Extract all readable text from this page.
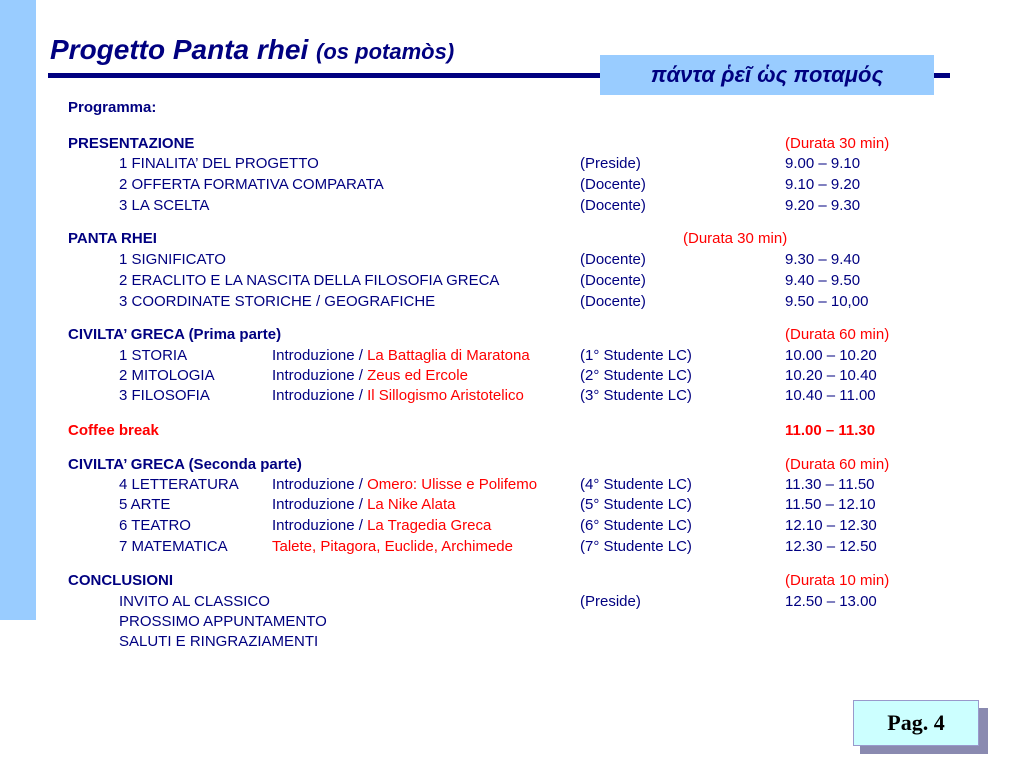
Progetto Panta rhei (os potamòs)
πάντα ῥεῖ ὡς ποταμός
Programma:
PRESENTAZIONE	(Durata 30 min)
1 FINALITA’ DEL PROGETTO	(Preside)	9.00 – 9.10
2 OFFERTA FORMATIVA COMPARATA	(Docente)	9.10 – 9.20
3 LA SCELTA	(Docente)	9.20 – 9.30
PANTA RHEI	(Durata 30 min)
1 SIGNIFICATO	(Docente)	9.30 – 9.40
2 ERACLITO E LA NASCITA DELLA FILOSOFIA GRECA	(Docente)	9.40 – 9.50
3 COORDINATE STORICHE / GEOGRAFICHE	(Docente)	9.50 – 10,00
CIVILTA’ GRECA (Prima parte)	(Durata 60 min)
1 STORIA	Introduzione / La Battaglia di Maratona	(1° Studente LC)	10.00 – 10.20
2 MITOLOGIA	Introduzione / Zeus ed Ercole	(2° Studente LC)	10.20 – 10.40
3 FILOSOFIA	Introduzione / Il Sillogismo Aristotelico	(3° Studente LC)	10.40 – 11.00
Coffee break	11.00 – 11.30
CIVILTA’ GRECA (Seconda parte)	(Durata 60 min)
4 LETTERATURA Introduzione / Omero: Ulisse e Polifemo	(4° Studente LC)	11.30 – 11.50
5 ARTE	Introduzione / La Nike Alata	(5° Studente LC)	11.50 – 12.10
6 TEATRO	Introduzione / La Tragedia Greca	(6° Studente LC)	12.10 – 12.30
7 MATEMATICA	Talete, Pitagora, Euclide, Archimede	(7° Studente LC)	12.30 – 12.50
CONCLUSIONI	(Durata 10 min)
INVITO AL CLASSICO	(Preside)	12.50 – 13.00
PROSSIMO APPUNTAMENTO
SALUTI E RINGRAZIAMENTI
Pag. 4
